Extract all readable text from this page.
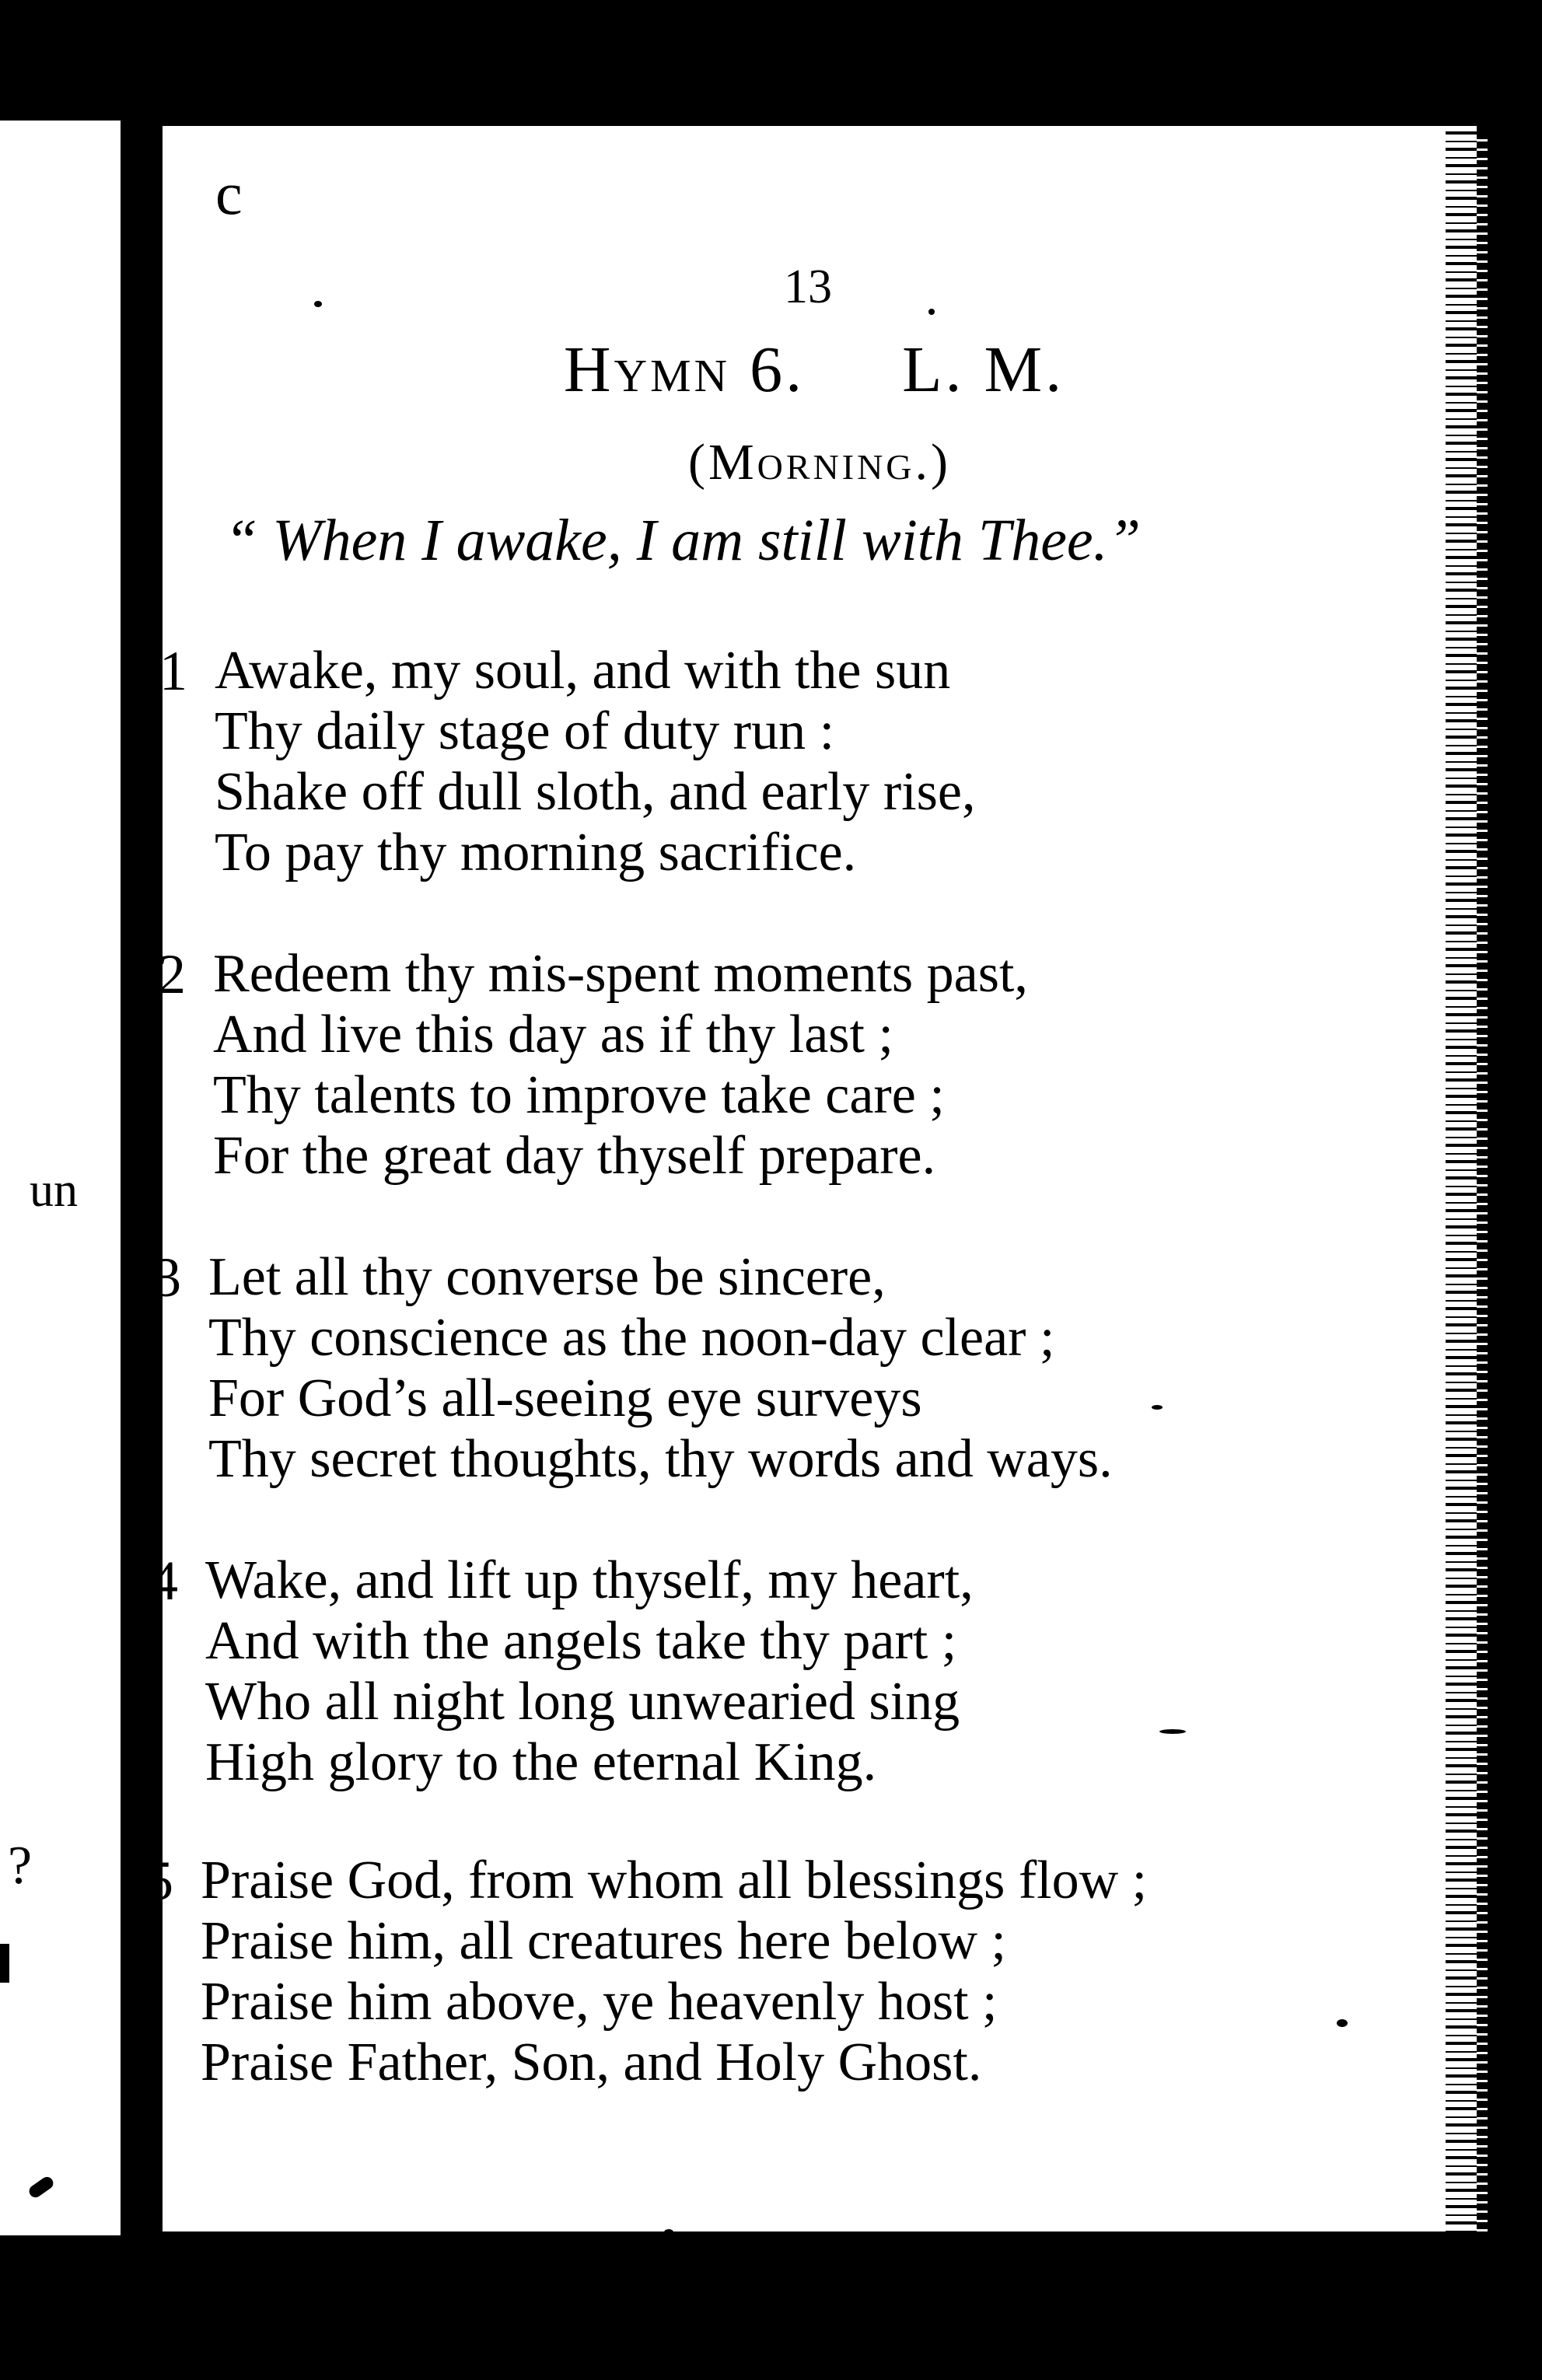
un
?
c
13
Hymn 6. L. M.
(Morning.)
“ When I awake, I am still with Thee.”
1 Awake, my soul, and with the sun
Thy daily stage of duty run :
Shake off dull sloth, and early rise,
To pay thy morning sacrifice.
2 Redeem thy mis-spent moments past,
And live this day as if thy last ;
Thy talents to improve take care ;
For the great day thyself prepare.
3 Let all thy converse be sincere,
Thy conscience as the noon-day clear ;
For God’s all-seeing eye surveys
Thy secret thoughts, thy words and ways.
4 Wake, and lift up thyself, my heart,
And with the angels take thy part ;
Who all night long unwearied sing
High glory to the eternal King.
5 Praise God, from whom all blessings flow ;
Praise him, all creatures here below ;
Praise him above, ye heavenly host ;
Praise Father, Son, and Holy Ghost.
